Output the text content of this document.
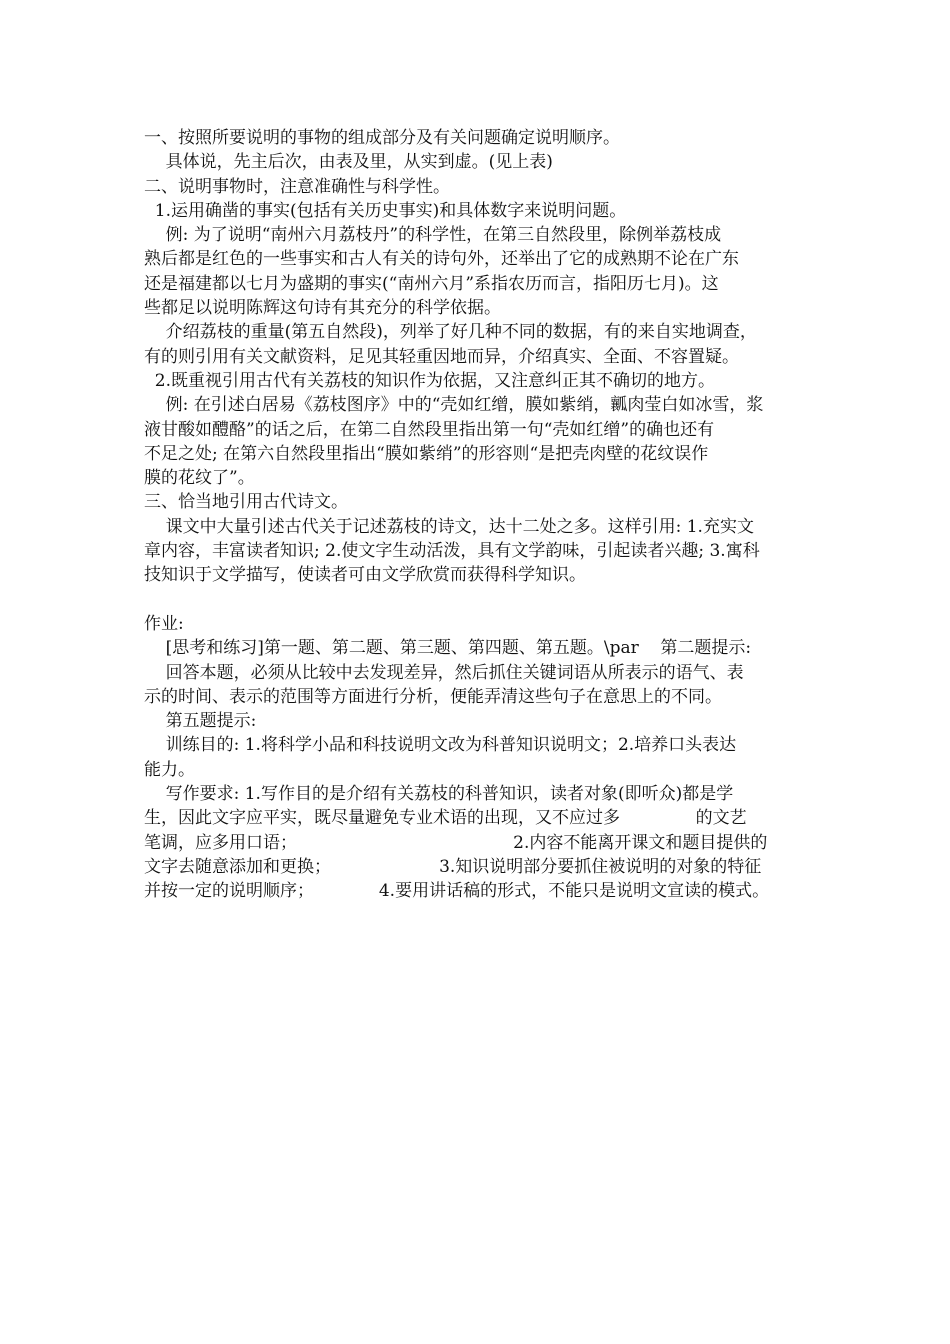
一、按照所要说明的事物的组成部分及有关问题确定说明顺序。
具体说，先主后次，由表及里，从实到虚。(见上表)
二、说明事物时，注意准确性与科学性。
1.运用确凿的事实(包括有关历史事实)和具体数字来说明问题。
例: 为了说明“南州六月荔枝丹”的科学性，在第三自然段里，除例举荔枝成
熟后都是红色的一些事实和古人有关的诗句外，还举出了它的成熟期不论在广东
还是福建都以七月为盛期的事实(“南州六月”系指农历而言，指阳历七月)。这
些都足以说明陈辉这句诗有其充分的科学依据。
介绍荔枝的重量(第五自然段)，列举了好几种不同的数据，有的来自实地调查，
有的则引用有关文献资料，足见其轻重因地而异，介绍真实、全面、不容置疑。
2.既重视引用古代有关荔枝的知识作为依据，又注意纠正其不确切的地方。
例: 在引述白居易《荔枝图序》中的“壳如红缯，膜如紫绡，瓤肉莹白如冰雪，浆
液甘酸如醴酪”的话之后，在第二自然段里指出第一句“壳如红缯”的确也还有
不足之处; 在第六自然段里指出“膜如紫绡”的形容则“是把壳肉壁的花纹误作
膜的花纹了”。
三、恰当地引用古代诗文。
课文中大量引述古代关于记述荔枝的诗文，达十二处之多。这样引用: 1.充实文
章内容，丰富读者知识; 2.使文字生动活泼，具有文学韵味，引起读者兴趣; 3.寓科
技知识于文学描写，使读者可由文学欣赏而获得科学知识。
作业:
[思考和练习]第一题、第二题、第三题、第四题、第五题。\par    第二题提示:
回答本题，必须从比较中去发现差异，然后抓住关键词语从所表示的语气、表
示的时间、表示的范围等方面进行分析，便能弄清这些句子在意思上的不同。
第五题提示:
训练目的: 1.将科学小品和科技说明文改为科普知识说明文；2.培养口头表达
能力。
写作要求: 1.写作目的是介绍有关荔枝的科普知识，读者对象(即听众)都是学
生，因此文字应平实，既尽量避免专业术语的出现，又不应过多              的文艺
笔调，应多用口语；                                        2.内容不能离开课文和题目提供的
文字去随意添加和更换；                    3.知识说明部分要抓住被说明的对象的特征
并按一定的说明顺序；            4.要用讲话稿的形式，不能只是说明文宣读的模式。
